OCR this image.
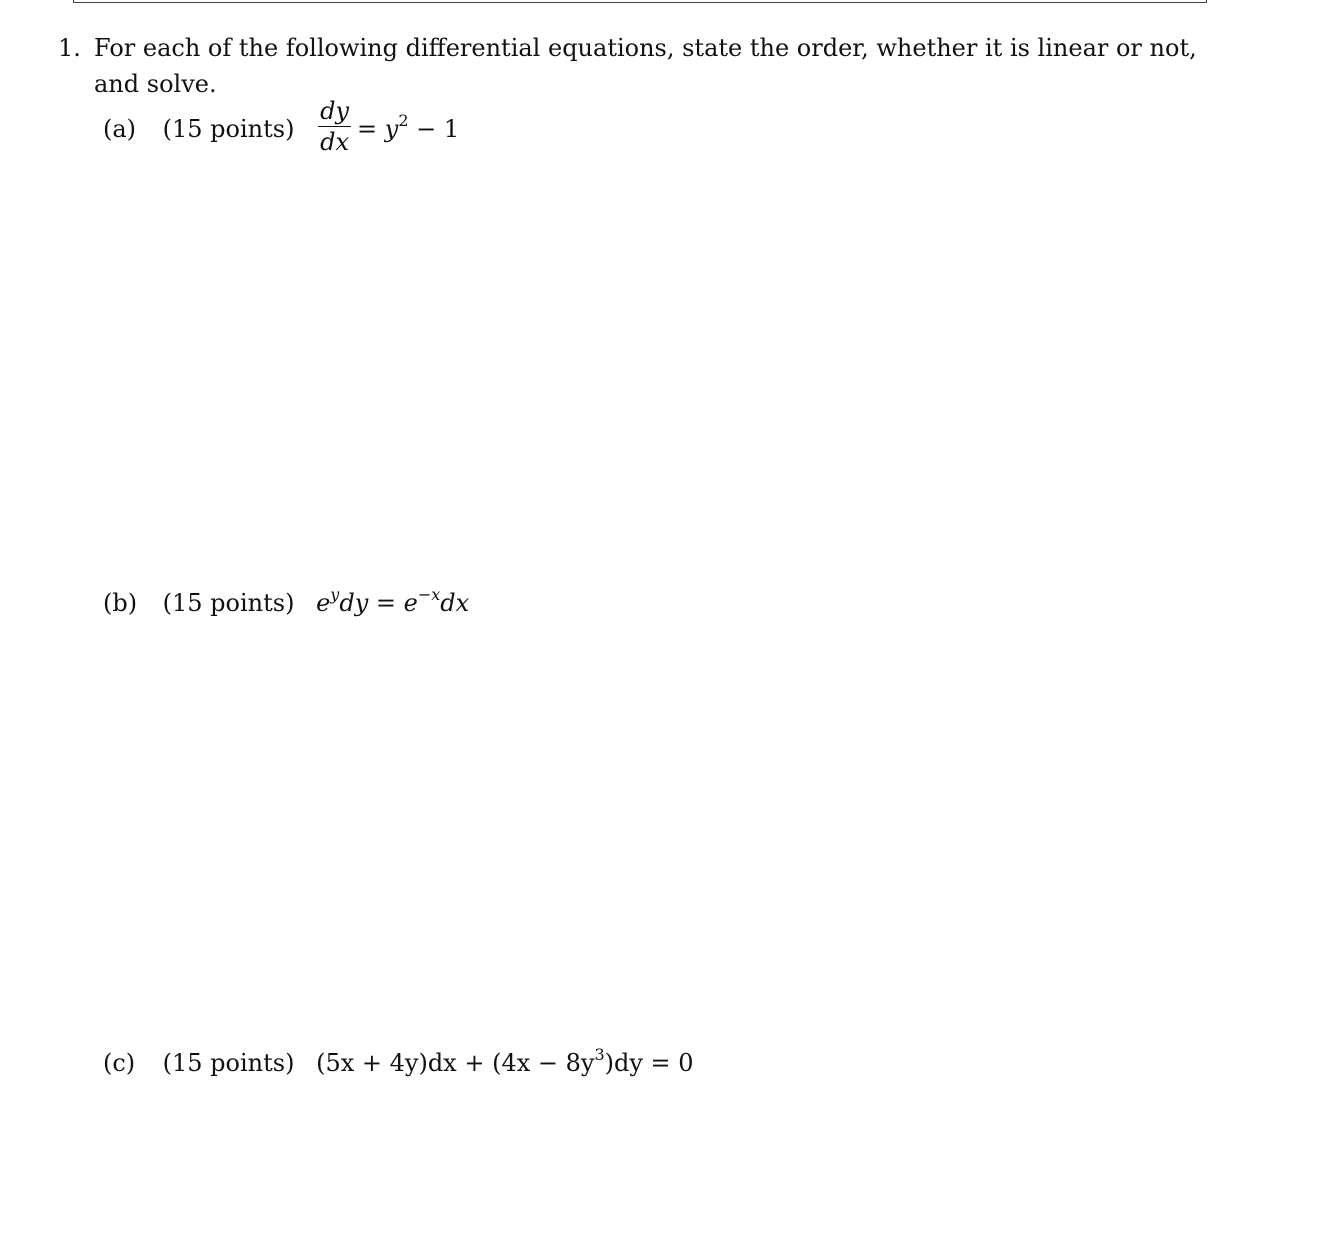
1. For each of the following differential equations, state the order, whether it is linear or not, and solve.
(a) (15 points) $\frac{dy}{dx} = y^2 - 1$
(b) (15 points) $e^ydy = e^{-x}dx$
(c) (15 points) $(5x + 4y)dx + (4x - 8y^3)dy = 0$
